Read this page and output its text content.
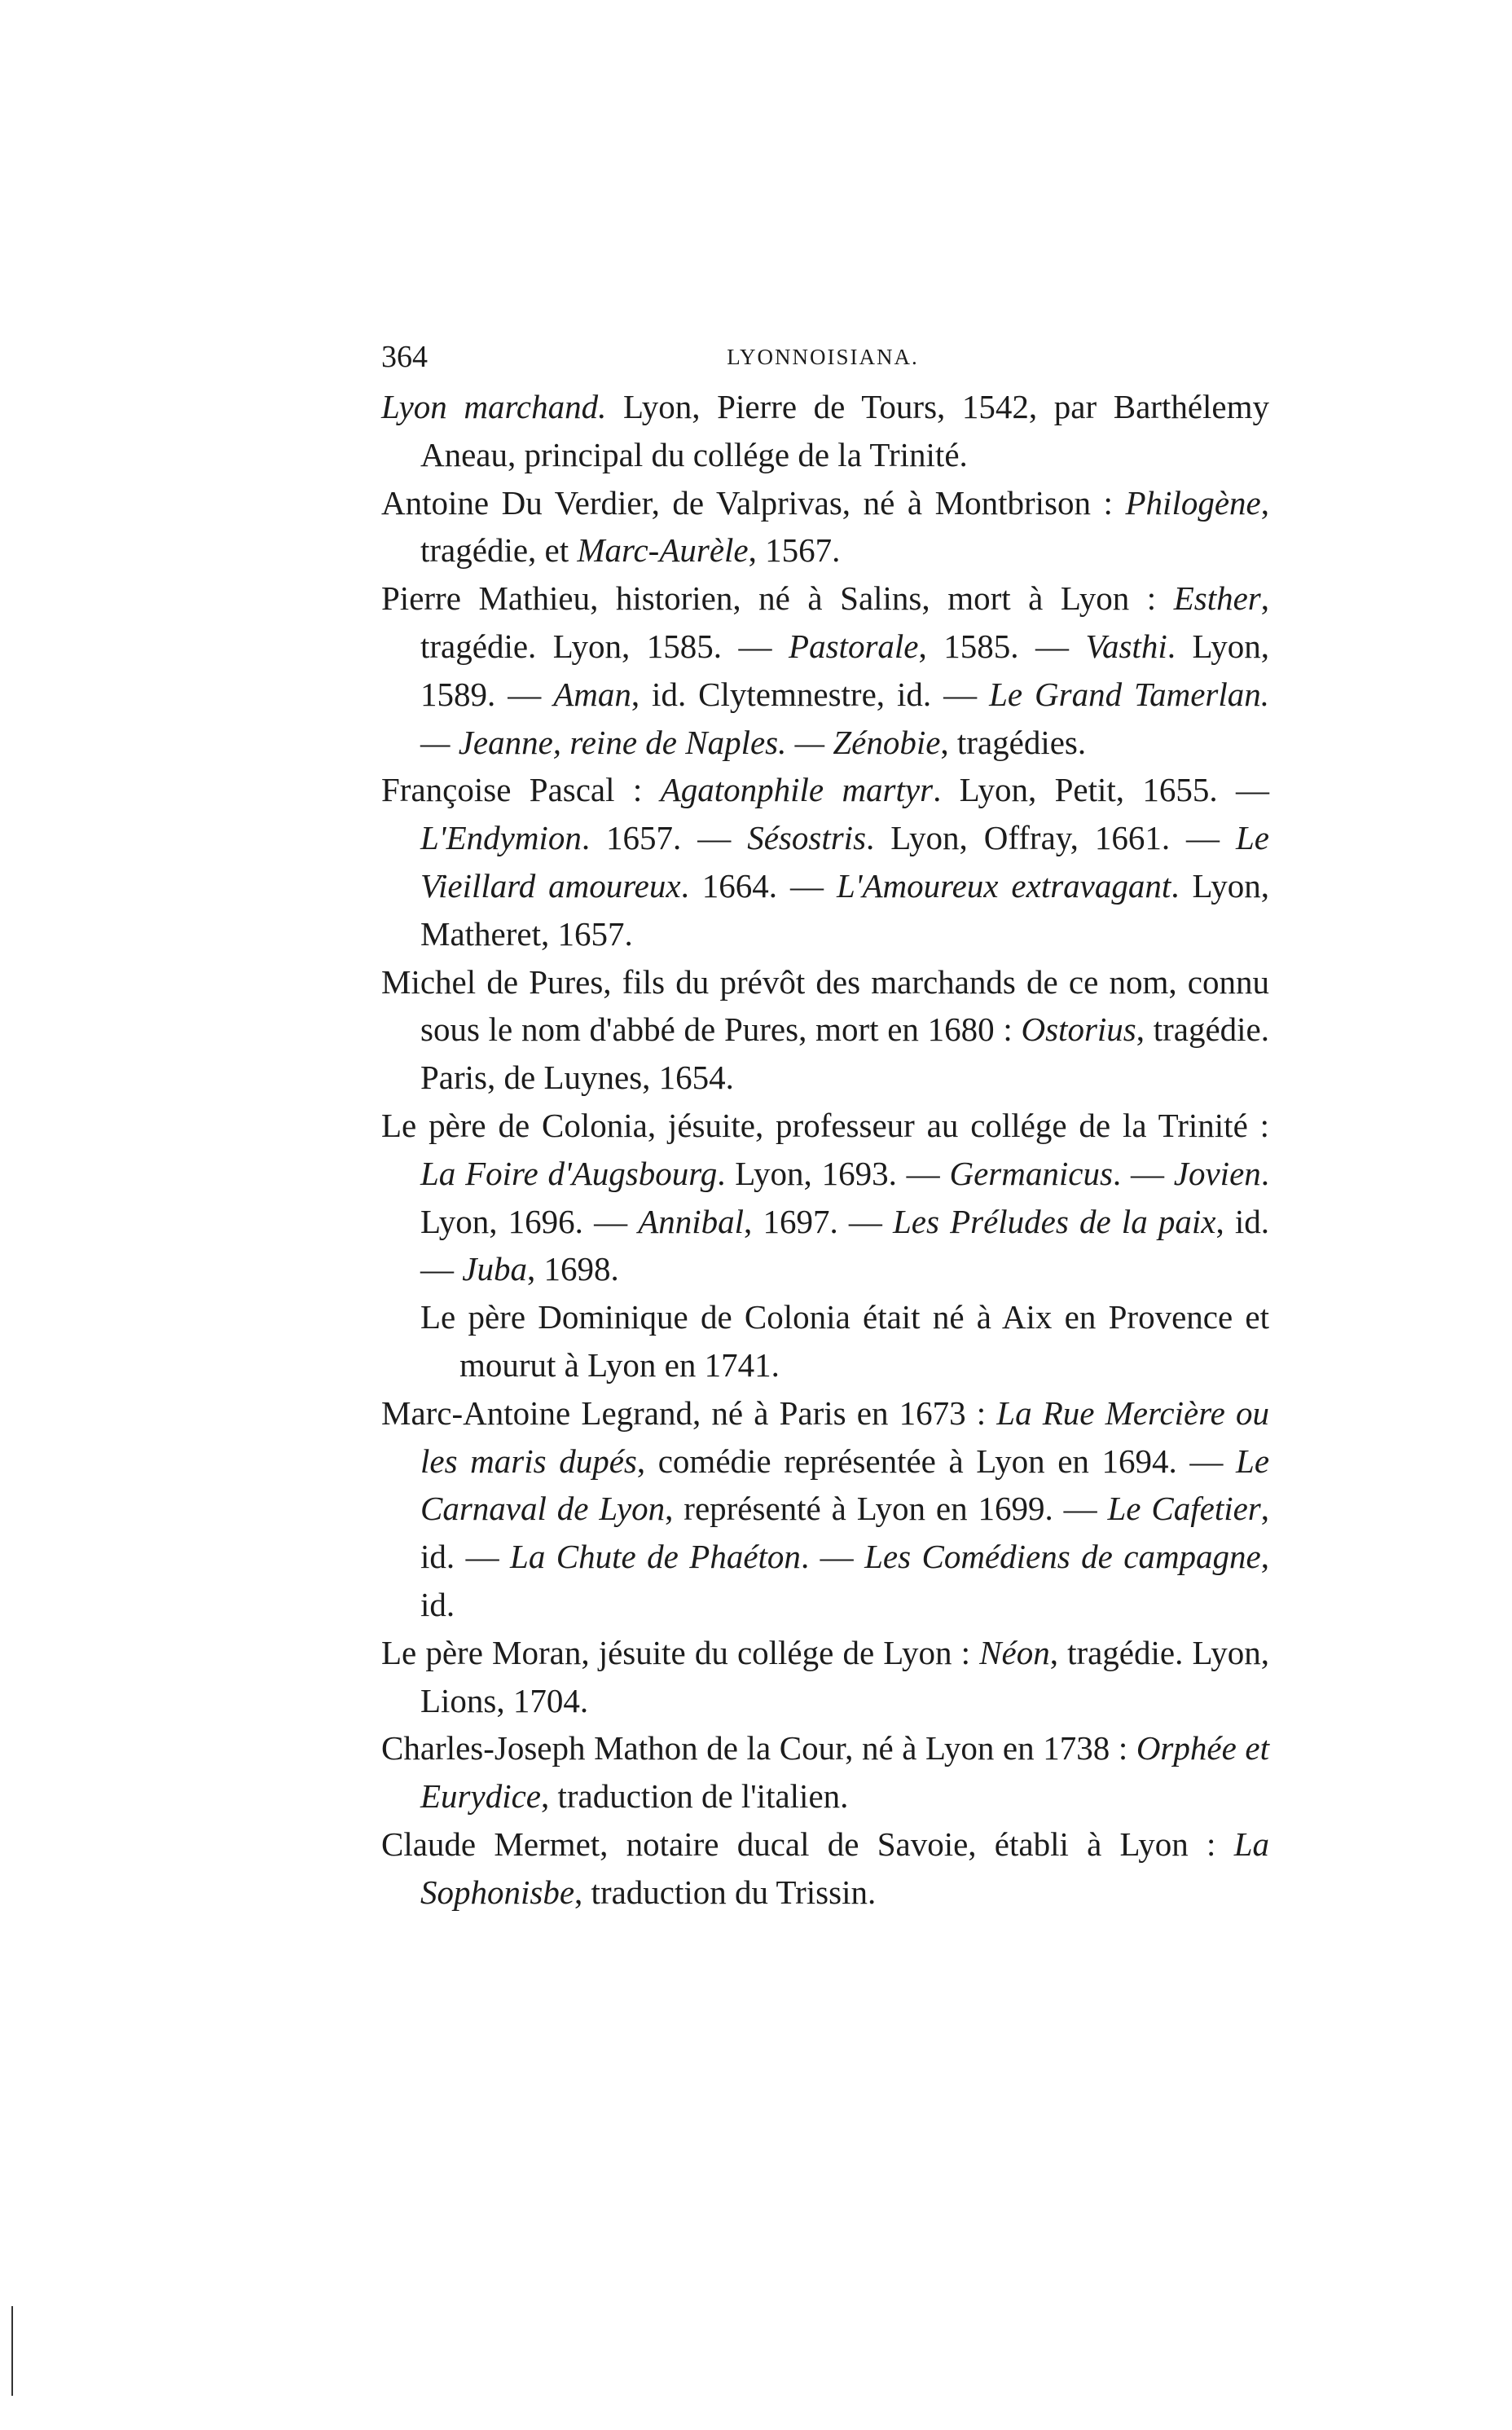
364	LYONNOISIANA.

Lyon marchand. Lyon, Pierre de Tours, 1542, par Barthélemy Aneau, principal du collége de la Trinité.

Antoine Du Verdier, de Valprivas, né à Montbrison : Philogène, tragédie, et Marc-Aurèle, 1567.

Pierre Mathieu, historien, né à Salins, mort à Lyon : Esther, tragédie. Lyon, 1585. — Pastorale, 1585. — Vasthi. Lyon, 1589. — Aman, id. Clytemnestre, id. — Le Grand Tamerlan. — Jeanne, reine de Naples. — Zénobie, tragédies.

Françoise Pascal : Agatonphile martyr. Lyon, Petit, 1655. — L'Endymion. 1657. — Sésostris. Lyon, Offray, 1661. — Le Vieillard amoureux. 1664. — L'Amoureux extravagant. Lyon, Matheret, 1657.

Michel de Pures, fils du prévôt des marchands de ce nom, connu sous le nom d'abbé de Pures, mort en 1680 : Ostorius, tragédie. Paris, de Luynes, 1654.

Le père de Colonia, jésuite, professeur au collége de la Trinité : La Foire d'Augsbourg. Lyon, 1693. — Germanicus. — Jovien. Lyon, 1696. — Annibal, 1697. — Les Préludes de la paix, id. — Juba, 1698.

Le père Dominique de Colonia était né à Aix en Provence et mourut à Lyon en 1741.

Marc-Antoine Legrand, né à Paris en 1673 : La Rue Mercière ou les maris dupés, comédie représentée à Lyon en 1694. — Le Carnaval de Lyon, représenté à Lyon en 1699. — Le Cafetier, id. — La Chute de Phaéton. — Les Comédiens de campagne, id.

Le père Moran, jésuite du collége de Lyon : Néon, tragédie. Lyon, Lions, 1704.

Charles-Joseph Mathon de la Cour, né à Lyon en 1738 : Orphée et Eurydice, traduction de l'italien.

Claude Mermet, notaire ducal de Savoie, établi à Lyon : La Sophonisbe, traduction du Trissin.
